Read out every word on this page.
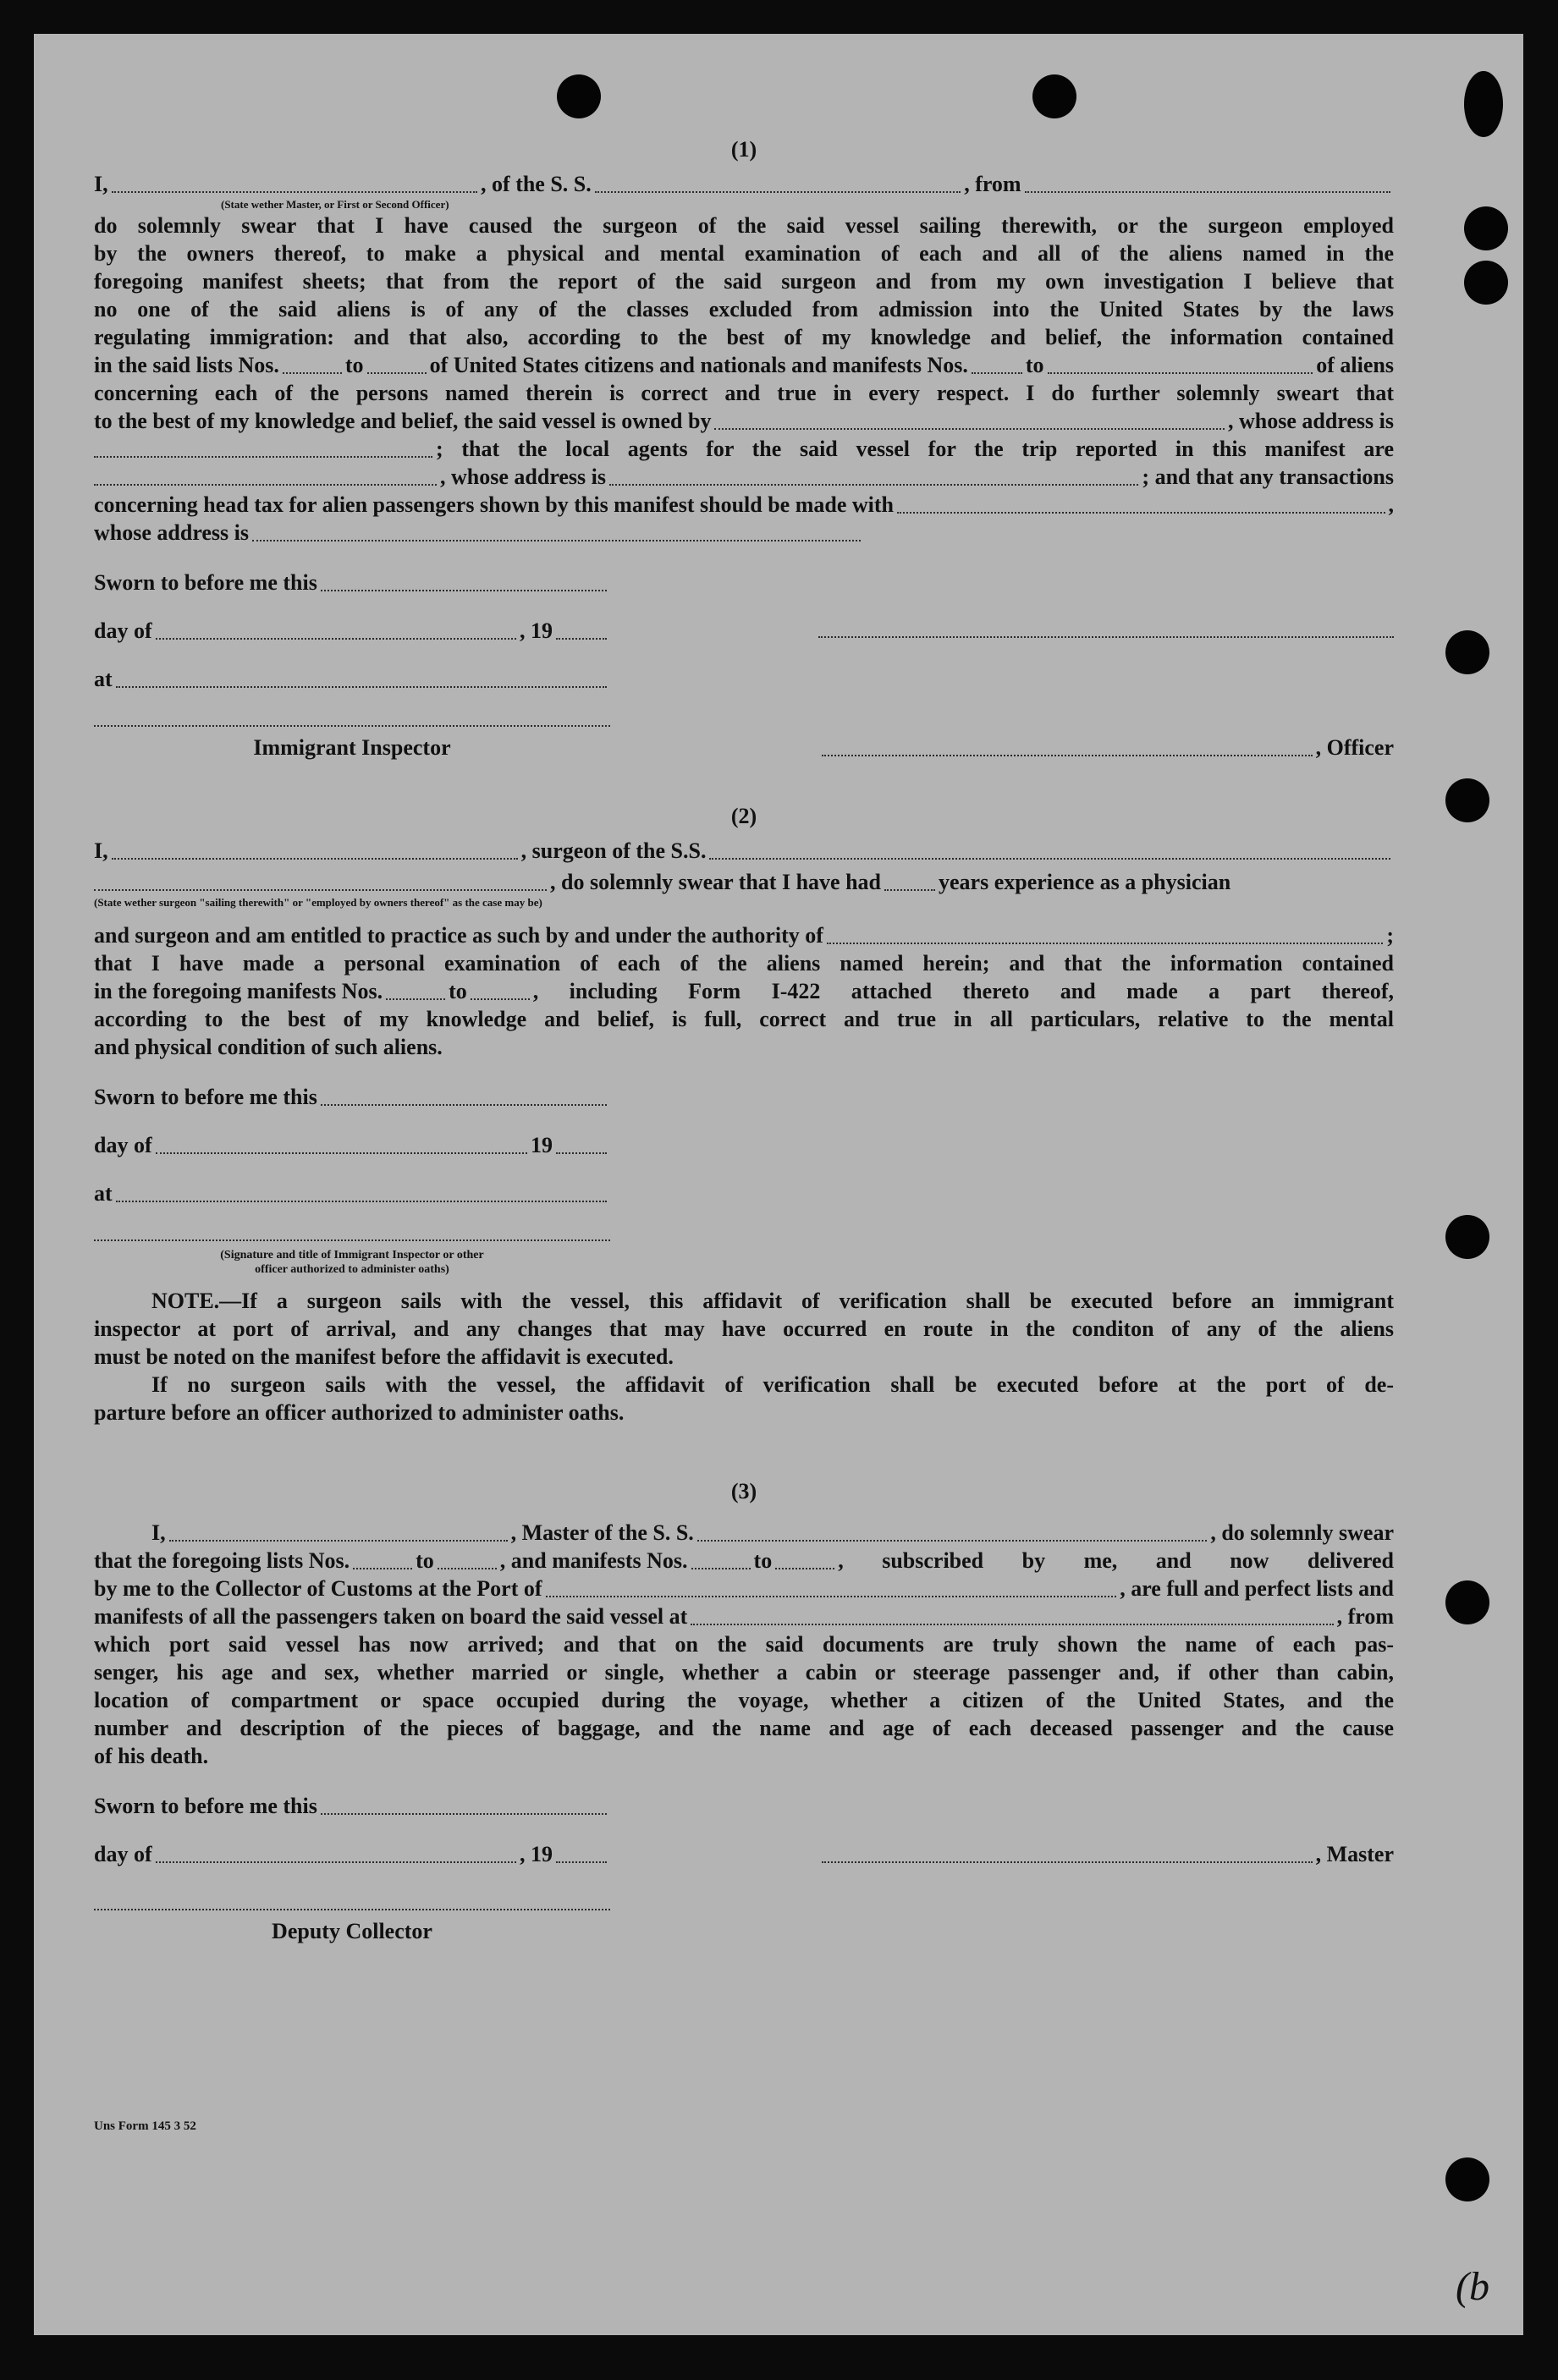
(1)
I,	, of the S. S.	, from
(State wether Master, or First or Second Officer)
do solemnly swear that I have caused the surgeon of the said vessel sailing therewith, or the surgeon employed
by the owners thereof, to make a physical and mental examination of each and all of the aliens named in the
foregoing manifest sheets; that from the report of the said surgeon and from my own investigation I believe that
no one of the said aliens is of any of the classes excluded from admission into the United States by the laws
regulating immigration: and that also, according to the best of my knowledge and belief, the information contained
in the said lists Nos.	to	of United States citizens and nationals and manifests Nos.	to	of aliens
concerning each of the persons named therein is correct and true in every respect. I do further solemnly sweart that
to the best of my knowledge and belief, the said vessel is owned by	, whose address is
; that the local agents for the said vessel for the trip reported in this manifest are
, whose address is	; and that any transactions
concerning head tax for alien passengers shown by this manifest should be made with	,
whose address is
Sworn to before me this
day of	, 19
at
Immigrant Inspector	, Officer
(2)
I,	, surgeon of the S.S.
, do solemnly swear that I have had	years experience as a physician
(State wether surgeon "sailing therewith" or "employed by owners thereof" as the case may be)
and surgeon and am entitled to practice as such by and under the authority of	;
that I have made a personal examination of each of the aliens named herein; and that the information contained
in the foregoing manifests Nos.	to	, including Form I-422 attached thereto and made a part thereof,
according to the best of my knowledge and belief, is full, correct and true in all particulars, relative to the mental
and physical condition of such aliens.
Sworn to before me this
day of	19
at
(Signature and title of Immigrant Inspector or other
officer authorized to administer oaths)
NOTE.—If a surgeon sails with the vessel, this affidavit of verification shall be executed before an immigrant
inspector at port of arrival, and any changes that may have occurred en route in the conditon of any of the aliens
must be noted on the manifest before the affidavit is executed.
If no surgeon sails with the vessel, the affidavit of verification shall be executed before at the port of de-
parture before an officer authorized to administer oaths.
(3)
I,	, Master of the S. S.	, do solemnly swear
that the foregoing lists Nos.	to	, and manifests Nos.	to	, subscribed by me, and now delivered
by me to the Collector of Customs at the Port of	, are full and perfect lists and
manifests of all the passengers taken on board the said vessel at	, from
which port said vessel has now arrived; and that on the said documents are truly shown the name of each pas-
senger, his age and sex, whether married or single, whether a cabin or steerage passenger and, if other than cabin,
location of compartment or space occupied during the voyage, whether a citizen of the United States, and the
number and description of the pieces of baggage, and the name and age of each deceased passenger and the cause
of his death.
Sworn to before me this
day of	, 19	, Master
Deputy Collector
Uns Form 145 3 52
(b
